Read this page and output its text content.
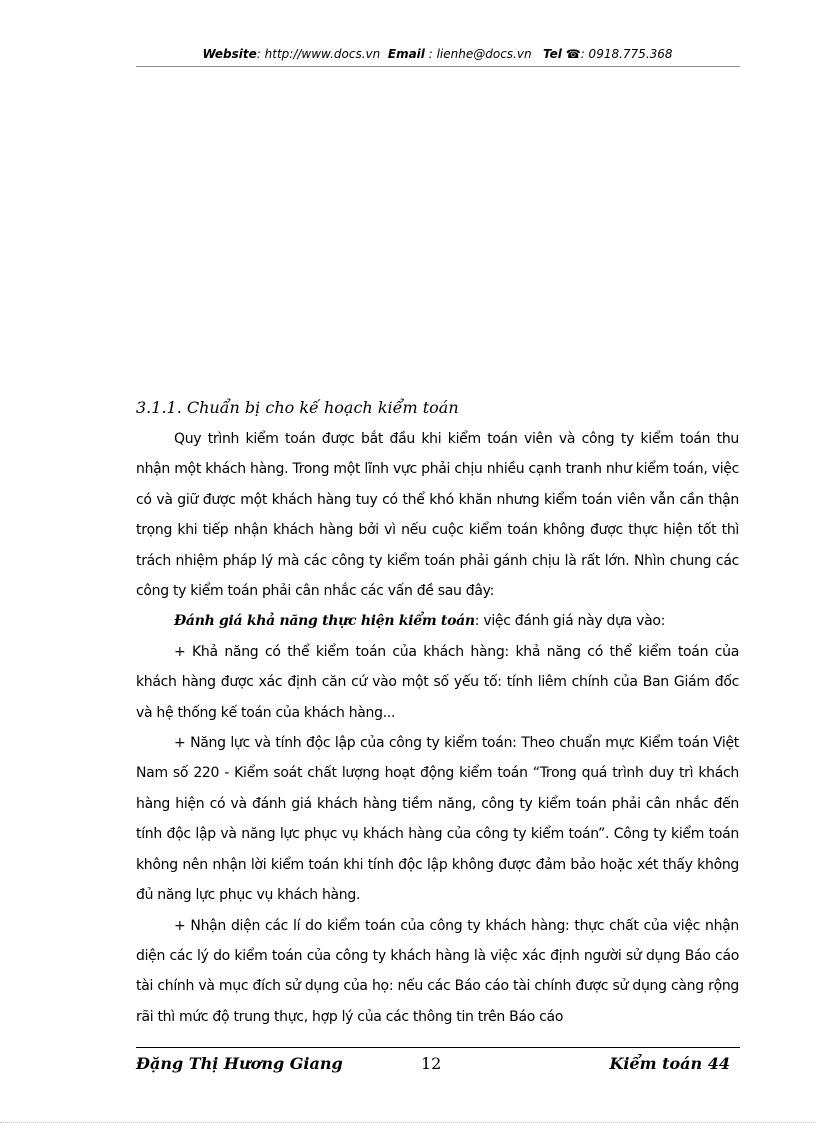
Website: http://www.docs.vn Email : lienhe@docs.vn Tel ☎: 0918.775.368
3.1.1. Chuẩn bị cho kế hoạch kiểm toán

Quy trình kiểm toán được bắt đầu khi kiểm toán viên và công ty kiểm toán thu nhận một khách hàng. Trong một lĩnh vực phải chịu nhiều cạnh tranh như kiểm toán, việc có và giữ được một khách hàng tuy có thể khó khăn nhưng kiểm toán viên vẫn cần thận trọng khi tiếp nhận khách hàng bởi vì nếu cuộc kiểm toán không được thực hiện tốt thì trách nhiệm pháp lý mà các công ty kiểm toán phải gánh chịu là rất lớn. Nhìn chung các công ty kiểm toán phải cân nhắc các vấn đề sau đây:

Đánh giá khả năng thực hiện kiểm toán: việc đánh giá này dựa vào:

+ Khả năng có thể kiểm toán của khách hàng: khả năng có thể kiểm toán của khách hàng được xác định căn cứ vào một số yếu tố: tính liêm chính của Ban Giám đốc và hệ thống kế toán của khách hàng...

+ Năng lực và tính độc lập của công ty kiểm toán: Theo chuẩn mực Kiểm toán Việt Nam số 220 - Kiểm soát chất lượng hoạt động kiểm toán “Trong quá trình duy trì khách hàng hiện có và đánh giá khách hàng tiềm năng, công ty kiểm toán phải cân nhắc đến tính độc lập và năng lực phục vụ khách hàng của công ty kiểm toán”. Công ty kiểm toán không nên nhận lời kiểm toán khi tính độc lập không được đảm bảo hoặc xét thấy không đủ năng lực phục vụ khách hàng.

+ Nhận diện các lí do kiểm toán của công ty khách hàng: thực chất của việc nhận diện các lý do kiểm toán của công ty khách hàng là việc xác định người sử dụng Báo cáo tài chính và mục đích sử dụng của họ: nếu các Báo cáo tài chính được sử dụng càng rộng rãi thì mức độ trung thực, hợp lý của các thông tin trên Báo cáo

Đặng Thị Hương Giang	12	Kiểm toán 44
